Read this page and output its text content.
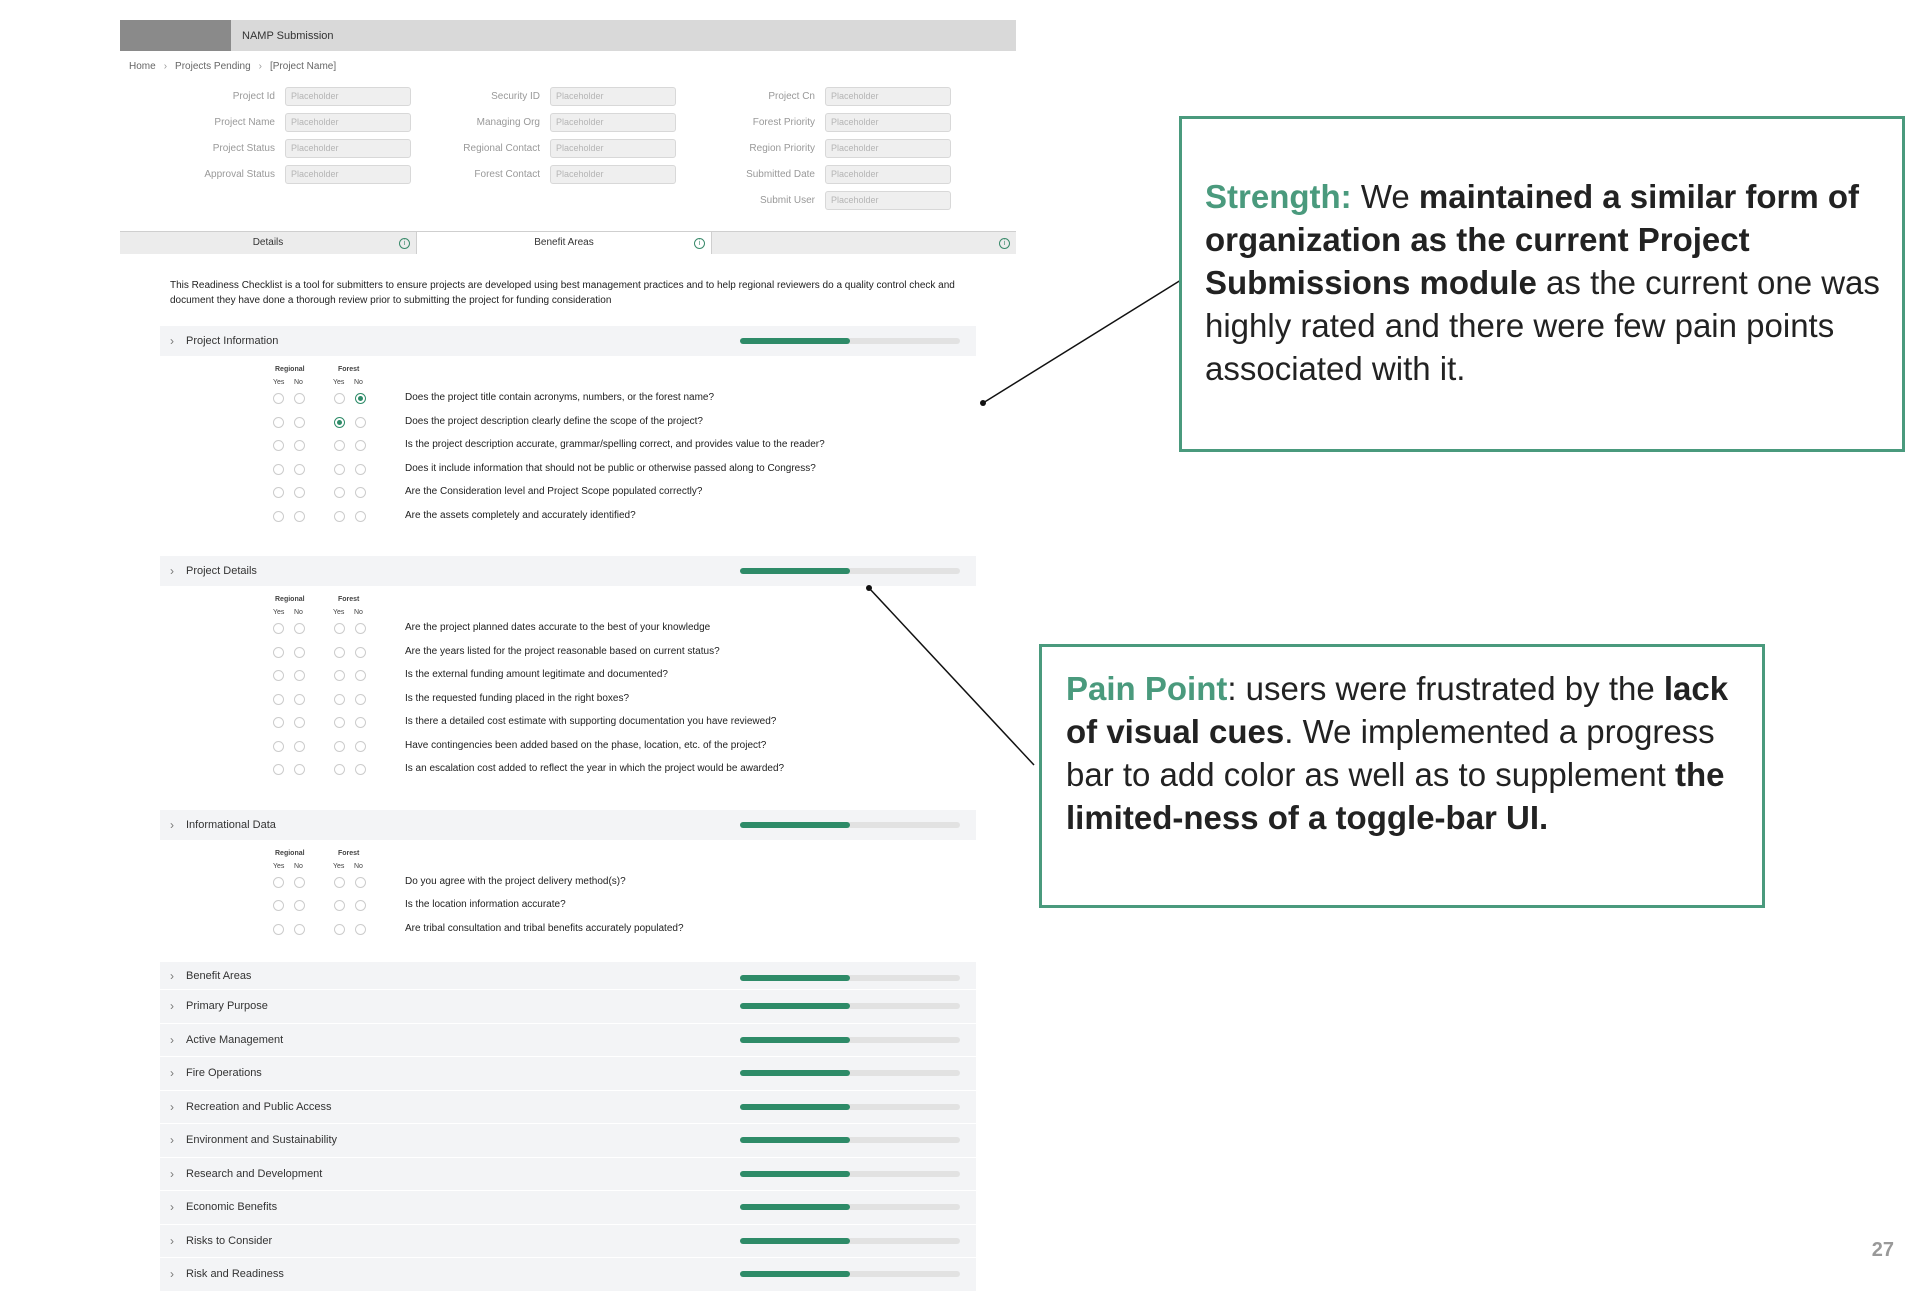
NAMP Submission
Home › Projects Pending › [Project Name]
Project Id	Placeholder
Project Name	Placeholder
Project Status	Placeholder
Approval Status	Placeholder
Security ID	Placeholder
Managing Org	Placeholder
Regional Contact	Placeholder
Forest Contact	Placeholder
Project Cn	Placeholder
Forest Priority	Placeholder
Region Priority	Placeholder
Submitted Date	Placeholder
Submit User	Placeholder
Details	i	Benefit Areas	i	i
This Readiness Checklist is a tool for submitters to ensure projects are developed using best management practices and to help regional reviewers do a quality control check and document they have done a thorough review prior to submitting the project for funding consideration
›	Project Information
Regional	Forest
Yes No	Yes No
Does the project title contain acronyms, numbers, or the forest name?
Does the project description clearly define the scope of the project?
Is the project description accurate, grammar/spelling correct, and provides value to the reader?
Does it include information that should not be public or otherwise passed along to Congress?
Are the Consideration level and Project Scope populated correctly?
Are the assets completely and accurately identified?
›	Project Details
Regional	Forest
Yes No	Yes No
Are the project planned dates accurate to the best of your knowledge
Are the years listed for the project reasonable based on current status?
Is the external funding amount legitimate and documented?
Is the requested funding placed in the right boxes?
Is there a detailed cost estimate with supporting documentation you have reviewed?
Have contingencies been added based on the phase, location, etc. of the project?
Is an escalation cost added to reflect the year in which the project would be awarded?
›	Informational Data
Regional	Forest
Yes No	Yes No
Do you agree with the project delivery method(s)?
Is the location information accurate?
Are tribal consultation and tribal benefits accurately populated?
›	Benefit Areas
›	Primary Purpose
›	Active Management
›	Fire Operations
›	Recreation and Public Access
›	Environment and Sustainability
›	Research and Development
›	Economic Benefits
›	Risks to Consider
›	Risk and Readiness
Strength: We maintained a similar form of organization as the current Project Submissions module as the current one was highly rated and there were few pain points associated with it.
Pain Point: users were frustrated by the lack of visual cues. We implemented a progress bar to add color as well as to supplement the limited-ness of a toggle-bar UI.
27
